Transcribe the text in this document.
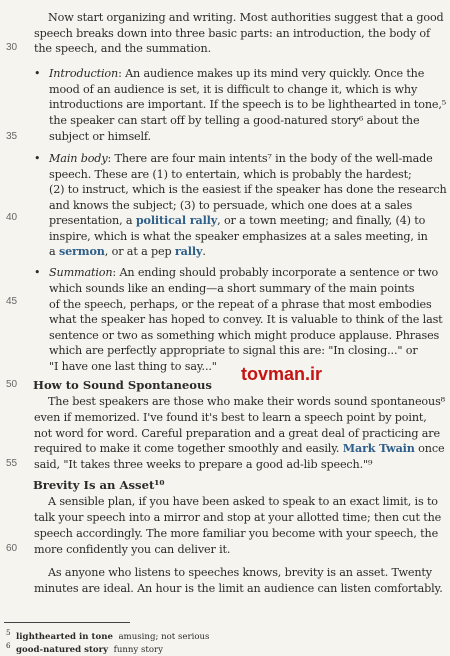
30
35
40
45
50
55
60
Now start organizing and writing. Most authorities suggest that a good
speech breaks down into three basic parts: an introduction, the body of
the speech, and the summation.
• Introduction: An audience makes up its mind very quickly. Once the
mood of an audience is set, it is difficult to change it, which is why
introductions are important. If the speech is to be lighthearted in tone,⁵
the speaker can start off by telling a good-natured story⁶ about the
subject or himself.
• Main body: There are four main intents⁷ in the body of the well-made
speech. These are (1) to entertain, which is probably the hardest;
(2) to instruct, which is the easiest if the speaker has done the research
and knows the subject; (3) to persuade, which one does at a sales
presentation, a political rally, or a town meeting; and finally, (4) to
inspire, which is what the speaker emphasizes at a sales meeting, in
a sermon, or at a pep rally.
• Summation: An ending should probably incorporate a sentence or two
which sounds like an ending—a short summary of the main points
of the speech, perhaps, or the repeat of a phrase that most embodies
what the speaker has hoped to convey. It is valuable to think of the last
sentence or two as something which might produce applause. Phrases
which are perfectly appropriate to signal this are: "In closing..." or
"I have one last thing to say..." tovman.ir
How to Sound Spontaneous
The best speakers are those who make their words sound spontaneous⁸
even if memorized. I've found it's best to learn a speech point by point,
not word for word. Careful preparation and a great deal of practicing are
required to make it come together smoothly and easily. Mark Twain once
said, "It takes three weeks to prepare a good ad-lib speech."⁹
Brevity Is an Asset¹⁰
A sensible plan, if you have been asked to speak to an exact limit, is to
talk your speech into a mirror and stop at your allotted time; then cut the
speech accordingly. The more familiar you become with your speech, the
more confidently you can deliver it.
As anyone who listens to speeches knows, brevity is an asset. Twenty
minutes are ideal. An hour is the limit an audience can listen comfortably.
$^5$ lighthearted in tone amusing; not serious
$^6$ good-natured story funny story
